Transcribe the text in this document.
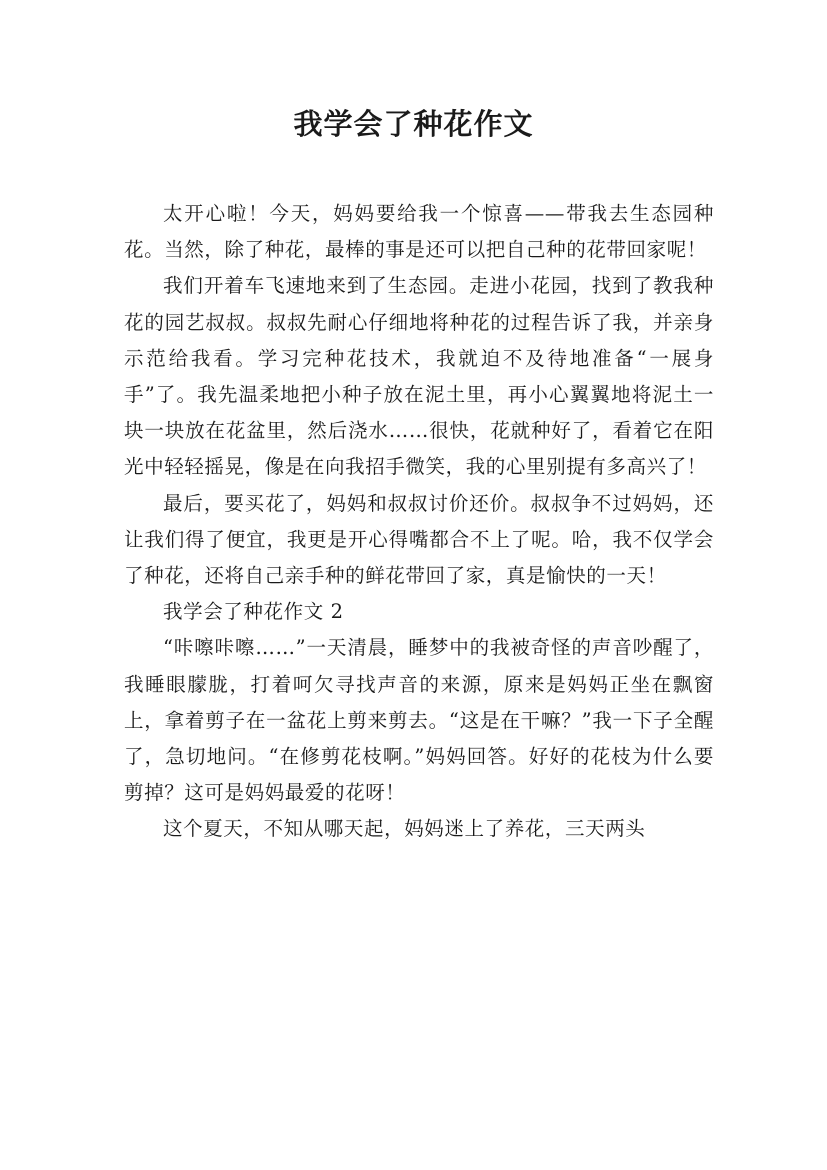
我学会了种花作文

太开心啦！今天，妈妈要给我一个惊喜——带我去生态园种花。当然，除了种花，最棒的事是还可以把自己种的花带回家呢！

我们开着车飞速地来到了生态园。走进小花园，找到了教我种花的园艺叔叔。叔叔先耐心仔细地将种花的过程告诉了我，并亲身示范给我看。学习完种花技术，我就迫不及待地准备“一展身手”了。我先温柔地把小种子放在泥土里，再小心翼翼地将泥土一块一块放在花盆里，然后浇水……很快，花就种好了，看着它在阳光中轻轻摇晃，像是在向我招手微笑，我的心里别提有多高兴了！

最后，要买花了，妈妈和叔叔讨价还价。叔叔争不过妈妈，还让我们得了便宜，我更是开心得嘴都合不上了呢。哈，我不仅学会了种花，还将自己亲手种的鲜花带回了家，真是愉快的一天！

我学会了种花作文 2

“咔嚓咔嚓……”一天清晨，睡梦中的我被奇怪的声音吵醒了，我睡眼朦胧，打着呵欠寻找声音的来源，原来是妈妈正坐在飘窗上，拿着剪子在一盆花上剪来剪去。“这是在干嘛？”我一下子全醒了，急切地问。“在修剪花枝啊。”妈妈回答。好好的花枝为什么要剪掉？这可是妈妈最爱的花呀！

这个夏天，不知从哪天起，妈妈迷上了养花，三天两头
